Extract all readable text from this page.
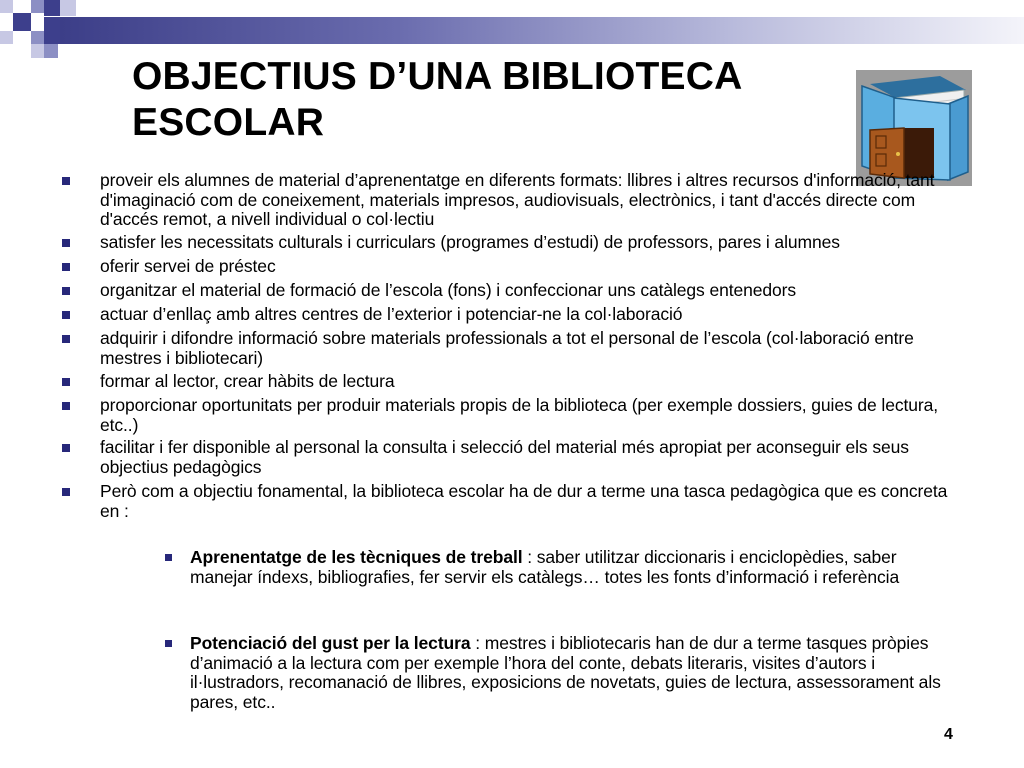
OBJECTIUS D’UNA BIBLIOTECA ESCOLAR
proveir els alumnes de material d’aprenentatge en diferents formats: llibres i altres recursos d'informació, tant d'imaginació com de coneixement, materials impresos, audiovisuals, electrònics, i tant d'accés directe com d'accés remot, a nivell individual o col·lectiu
satisfer les necessitats culturals i curriculars (programes d’estudi) de professors, pares i alumnes
oferir servei de préstec
organitzar el material de formació de l’escola (fons) i confeccionar uns catàlegs entenedors
actuar d’enllaç amb altres centres de l’exterior i potenciar-ne la col·laboració
adquirir i difondre informació sobre materials professionals a tot el personal de l’escola (col·laboració entre mestres i bibliotecari)
formar al lector, crear hàbits de lectura
proporcionar oportunitats per produir materials propis de la biblioteca (per exemple dossiers, guies de lectura, etc..)
facilitar i fer disponible al personal la consulta i selecció del material més apropiat per aconseguir els seus objectius pedagògics
Però com a objectiu fonamental, la biblioteca escolar ha de dur a terme una tasca pedagògica que es concreta en :
Aprenentatge de les tècniques de treball : saber utilitzar diccionaris i enciclopèdies, saber manejar índexs, bibliografies, fer servir els catàlegs… totes les fonts d’informació i referència
Potenciació del gust per la lectura : mestres i bibliotecaris han de dur a terme tasques pròpies d’animació a la lectura com per exemple l’hora del conte, debats literaris, visites d’autors i il·lustradors, recomanació de llibres, exposicions de novetats, guies de lectura, assessorament als pares, etc..
4
